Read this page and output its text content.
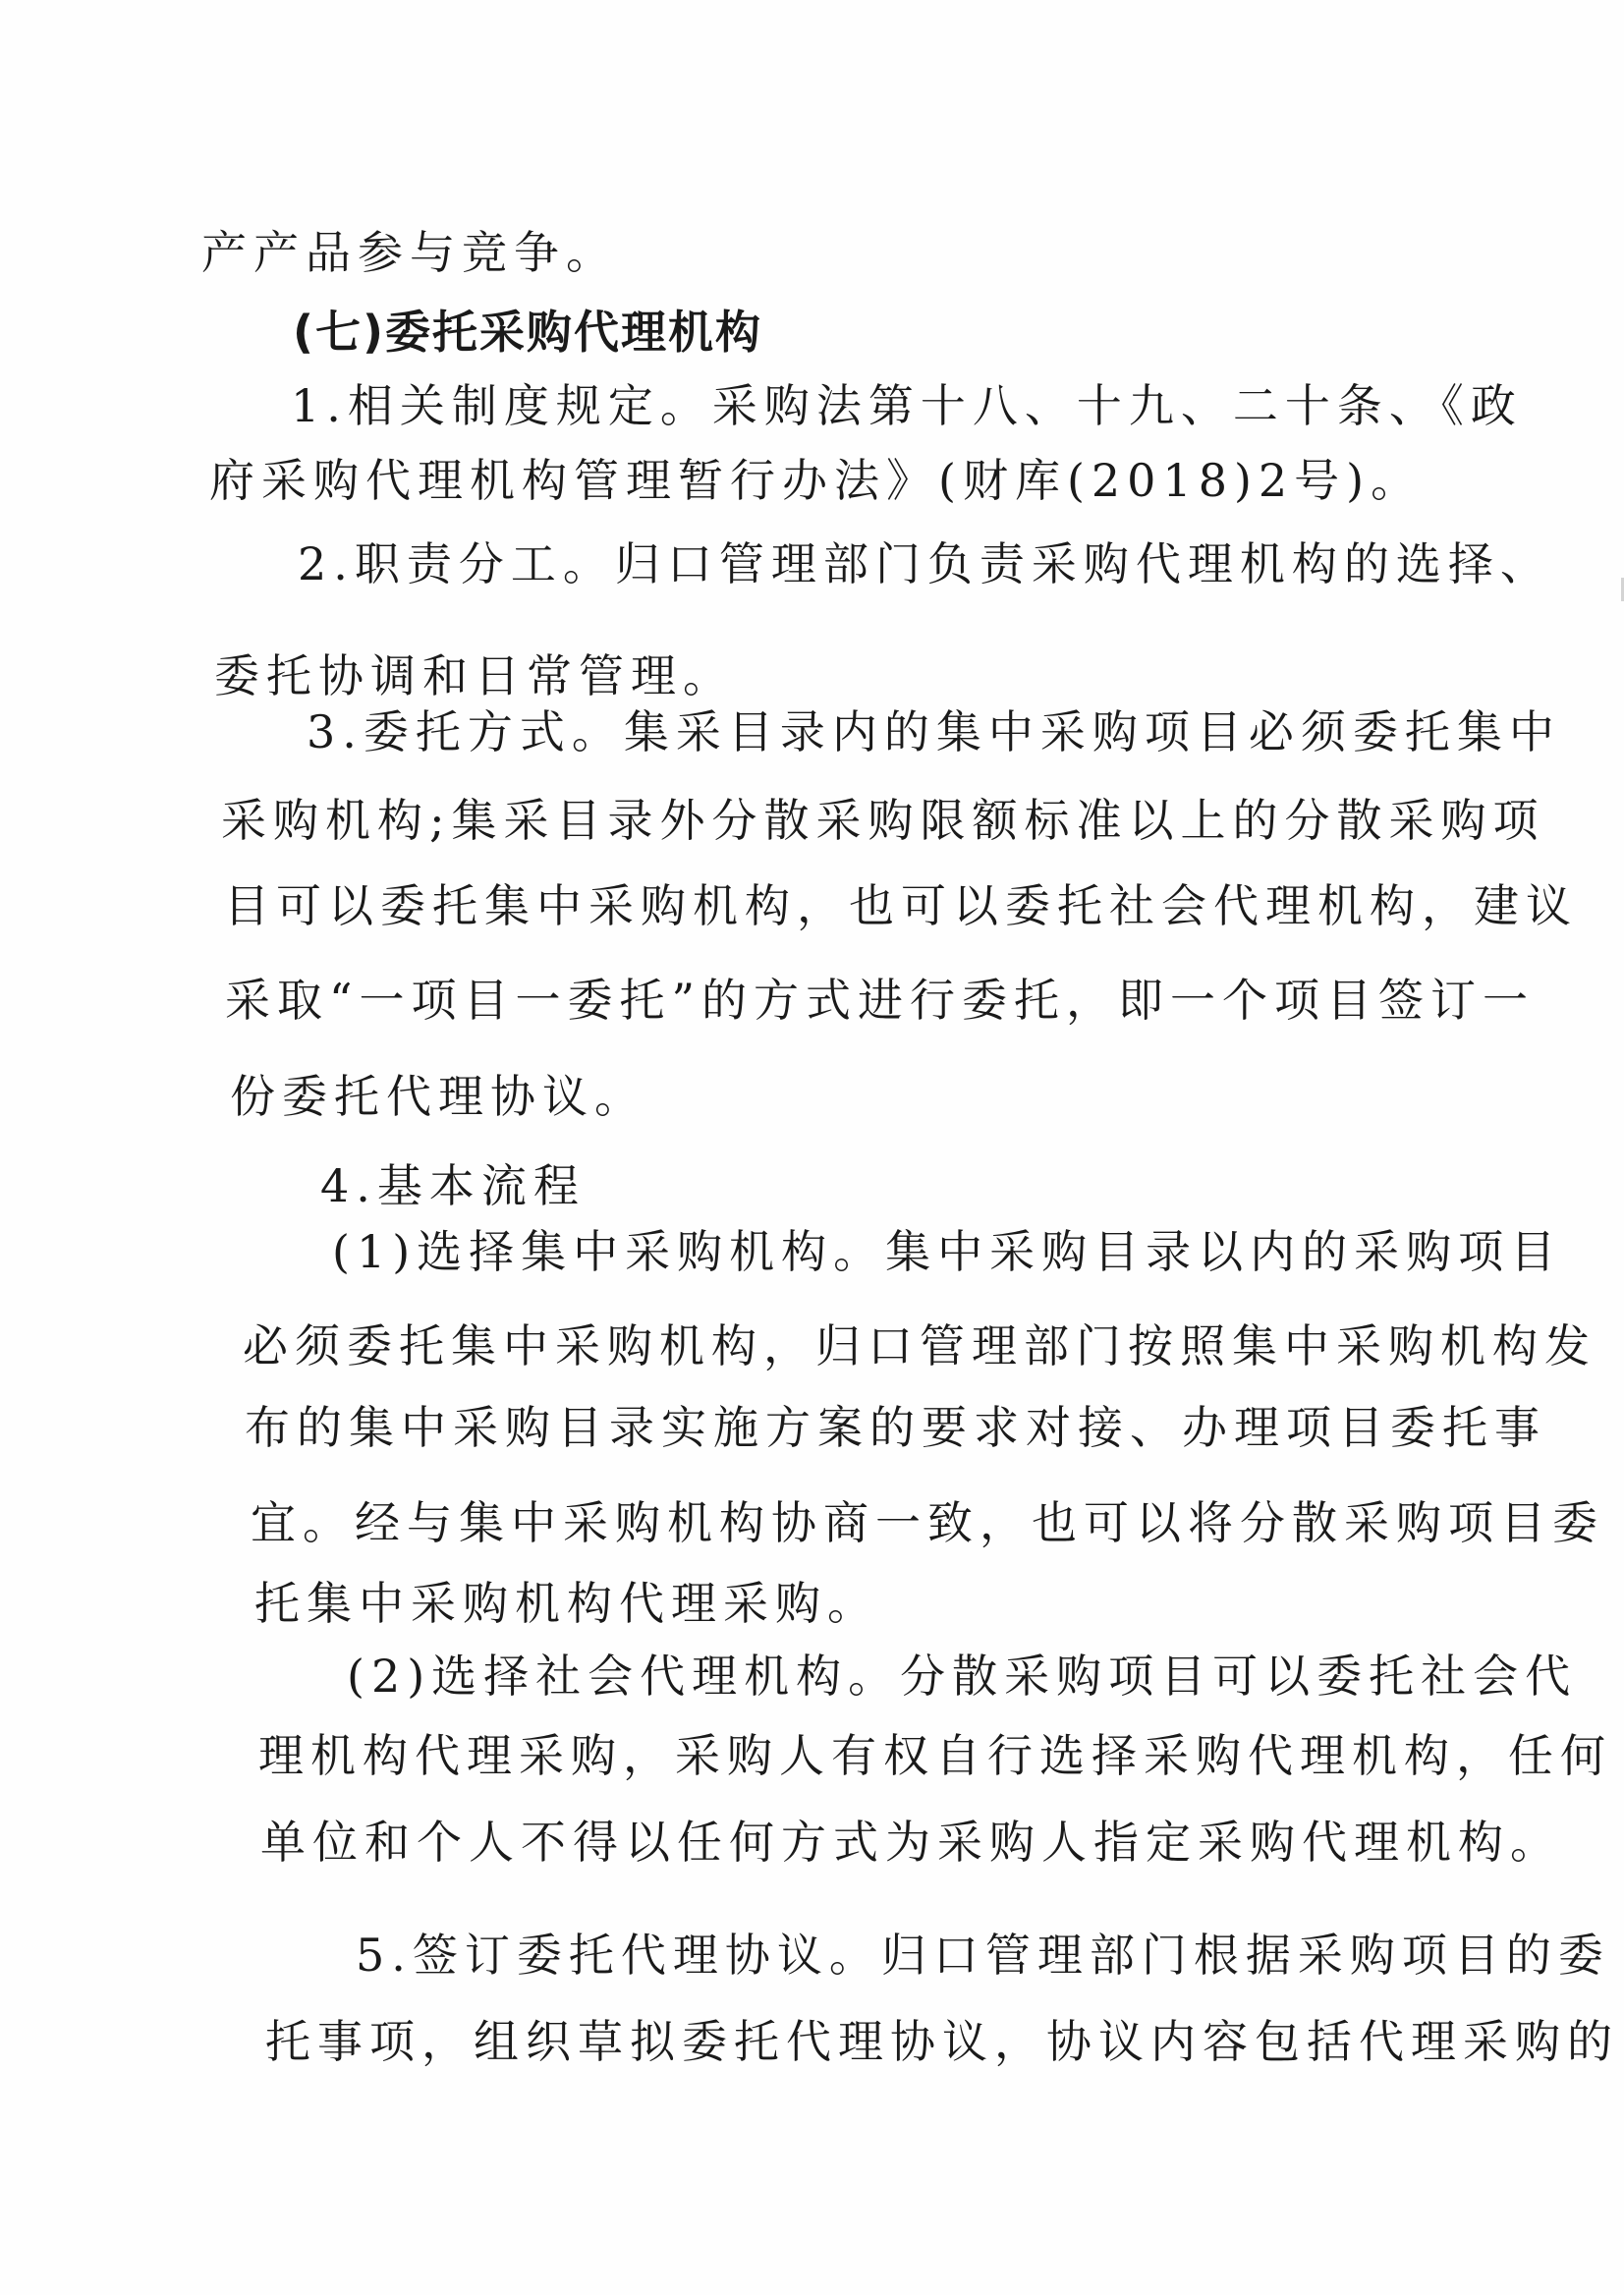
产产品参与竞争。
(七)委托采购代理机构
1.相关制度规定。采购法第十八、十九、二十条、《政
府采购代理机构管理暂行办法》(财库(2018)2号)。
2.职责分工。归口管理部门负责采购代理机构的选择、
委托协调和日常管理。
3.委托方式。集采目录内的集中采购项目必须委托集中
采购机构;集采目录外分散采购限额标准以上的分散采购项
目可以委托集中采购机构，也可以委托社会代理机构，建议
采取“一项目一委托”的方式进行委托，即一个项目签订一
份委托代理协议。
4.基本流程
(1)选择集中采购机构。集中采购目录以内的采购项目
必须委托集中采购机构，归口管理部门按照集中采购机构发
布的集中采购目录实施方案的要求对接、办理项目委托事
宜。经与集中采购机构协商一致，也可以将分散采购项目委
托集中采购机构代理采购。
(2)选择社会代理机构。分散采购项目可以委托社会代
理机构代理采购，采购人有权自行选择采购代理机构，任何
单位和个人不得以任何方式为采购人指定采购代理机构。
5.签订委托代理协议。归口管理部门根据采购项目的委
托事项，组织草拟委托代理协议，协议内容包括代理采购的
